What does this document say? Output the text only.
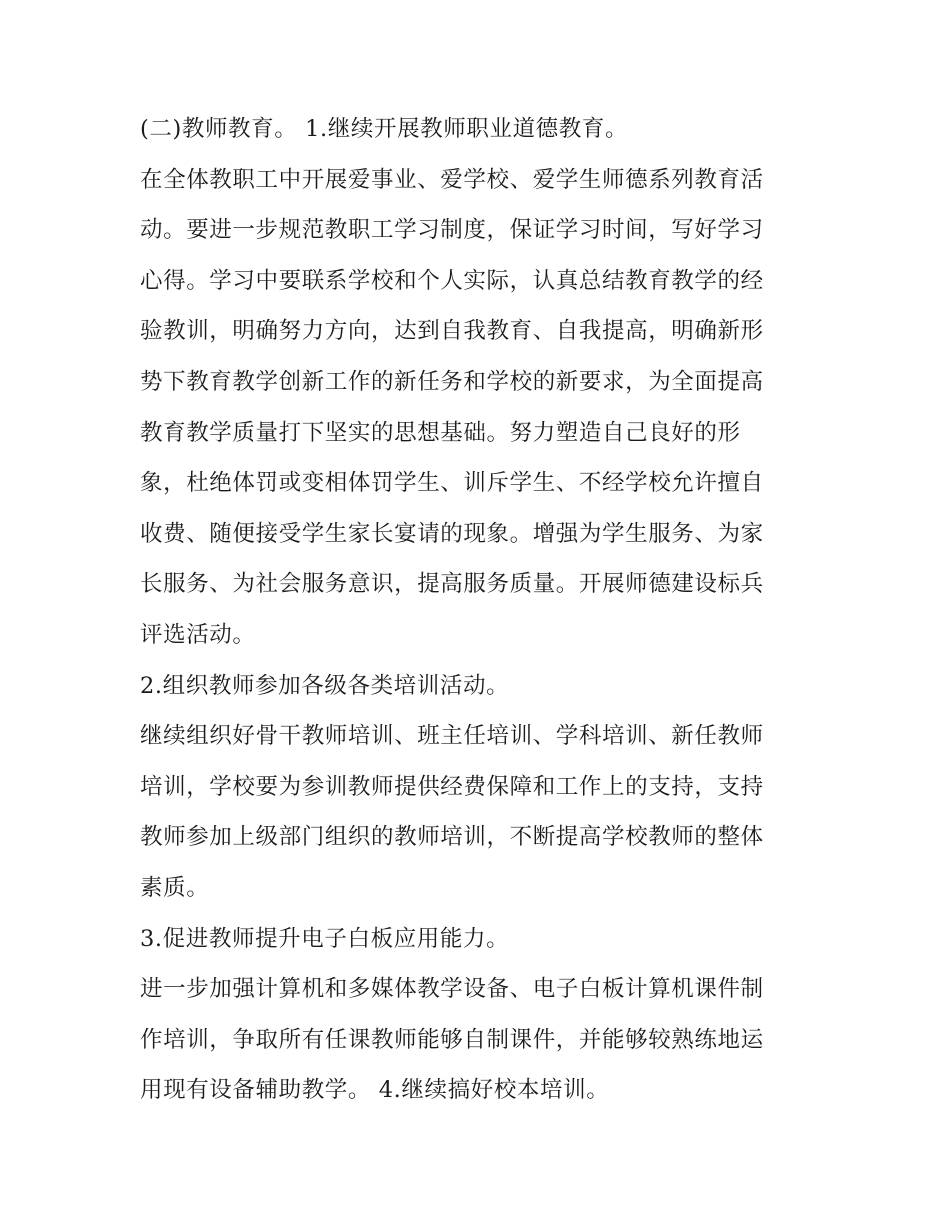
(二)教师教育。 1.继续开展教师职业道德教育。
在全体教职工中开展爱事业、爱学校、爱学生师德系列教育活
动。要进一步规范教职工学习制度，保证学习时间，写好学习
心得。学习中要联系学校和个人实际，认真总结教育教学的经
验教训，明确努力方向，达到自我教育、自我提高，明确新形
势下教育教学创新工作的新任务和学校的新要求，为全面提高
教育教学质量打下坚实的思想基础。努力塑造自己良好的形
象，杜绝体罚或变相体罚学生、训斥学生、不经学校允许擅自
收费、随便接受学生家长宴请的现象。增强为学生服务、为家
长服务、为社会服务意识，提高服务质量。开展师德建设标兵
评选活动。
2.组织教师参加各级各类培训活动。
继续组织好骨干教师培训、班主任培训、学科培训、新任教师
培训，学校要为参训教师提供经费保障和工作上的支持，支持
教师参加上级部门组织的教师培训，不断提高学校教师的整体
素质。
3.促进教师提升电子白板应用能力。
进一步加强计算机和多媒体教学设备、电子白板计算机课件制
作培训，争取所有任课教师能够自制课件，并能够较熟练地运
用现有设备辅助教学。 4.继续搞好校本培训。
